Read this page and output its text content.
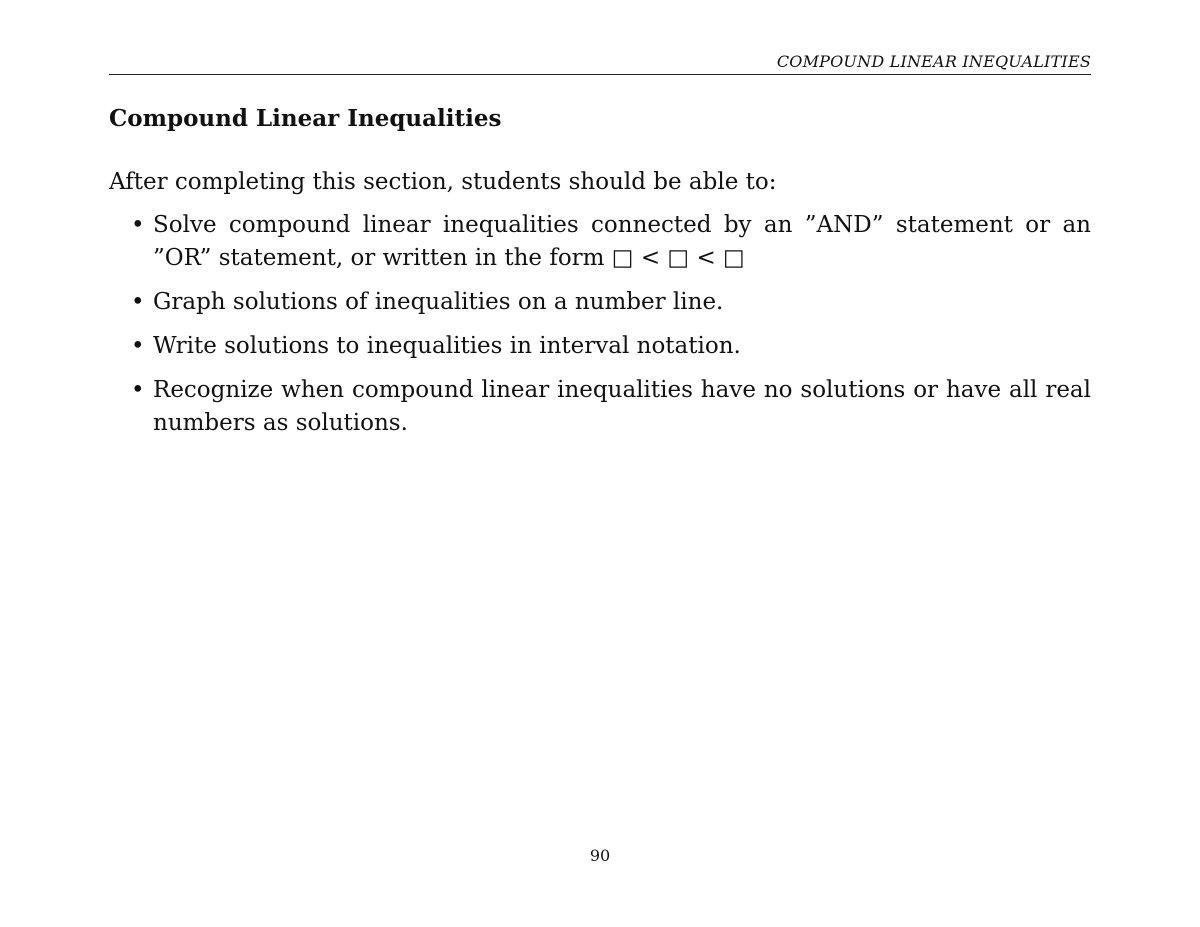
COMPOUND LINEAR INEQUALITIES
Compound Linear Inequalities

After completing this section, students should be able to:

• Solve compound linear inequalities connected by an ”AND” statement or an ”OR” statement, or written in the form □ < □ < □
• Graph solutions of inequalities on a number line.
• Write solutions to inequalities in interval notation.
• Recognize when compound linear inequalities have no solutions or have all real numbers as solutions.
90
